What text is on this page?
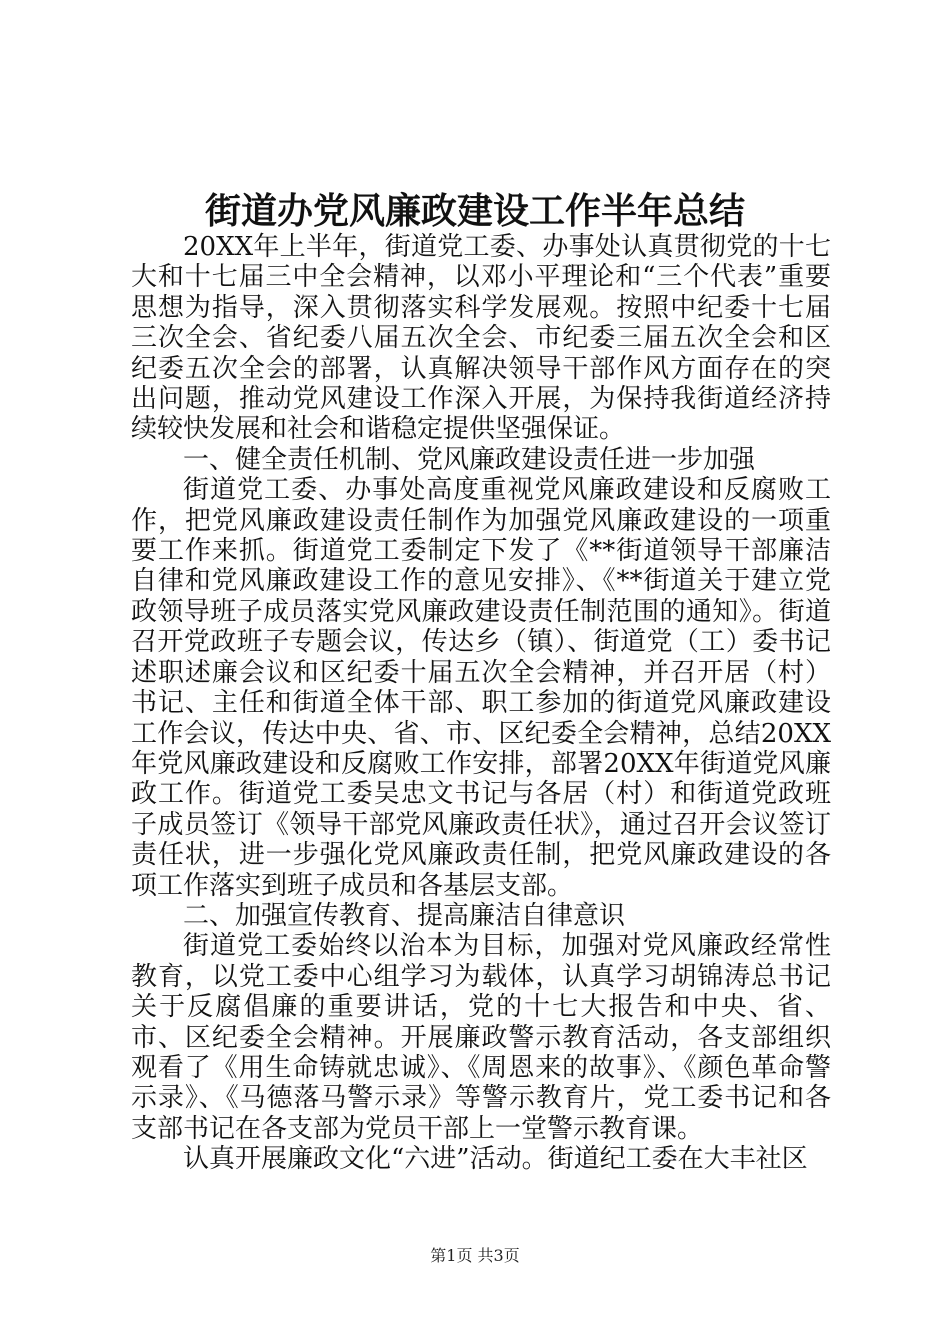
街道办党风廉政建设工作半年总结

20XX年上半年，街道党工委、办事处认真贯彻党的十七大和十七届三中全会精神，以邓小平理论和“三个代表”重要思想为指导，深入贯彻落实科学发展观。按照中纪委十七届三次全会、省纪委八届五次全会、市纪委三届五次全会和区纪委五次全会的部署，认真解决领导干部作风方面存在的突出问题，推动党风建设工作深入开展，为保持我街道经济持续较快发展和社会和谐稳定提供坚强保证。

一、健全责任机制、党风廉政建设责任进一步加强

街道党工委、办事处高度重视党风廉政建设和反腐败工作，把党风廉政建设责任制作为加强党风廉政建设的一项重要工作来抓。街道党工委制定下发了《**街道领导干部廉洁自律和党风廉政建设工作的意见安排》、《**街道关于建立党政领导班子成员落实党风廉政建设责任制范围的通知》。街道召开党政班子专题会议，传达乡（镇）、街道党（工）委书记述职述廉会议和区纪委十届五次全会精神，并召开居（村）书记、主任和街道全体干部、职工参加的街道党风廉政建设工作会议，传达中央、省、市、区纪委全会精神，总结20XX年党风廉政建设和反腐败工作安排，部署20XX年街道党风廉政工作。街道党工委吴忠文书记与各居（村）和街道党政班子成员签订《领导干部党风廉政责任状》，通过召开会议签订责任状，进一步强化党风廉政责任制，把党风廉政建设的各项工作落实到班子成员和各基层支部。

二、加强宣传教育、提高廉洁自律意识

街道党工委始终以治本为目标，加强对党风廉政经常性教育，以党工委中心组学习为载体，认真学习胡锦涛总书记关于反腐倡廉的重要讲话，党的十七大报告和中央、省、市、区纪委全会精神。开展廉政警示教育活动，各支部组织观看了《用生命铸就忠诚》、《周恩来的故事》、《颜色革命警示录》、《马德落马警示录》等警示教育片，党工委书记和各支部书记在各支部为党员干部上一堂警示教育课。

认真开展廉政文化“六进”活动。街道纪工委在大丰社区

第1页 共3页
